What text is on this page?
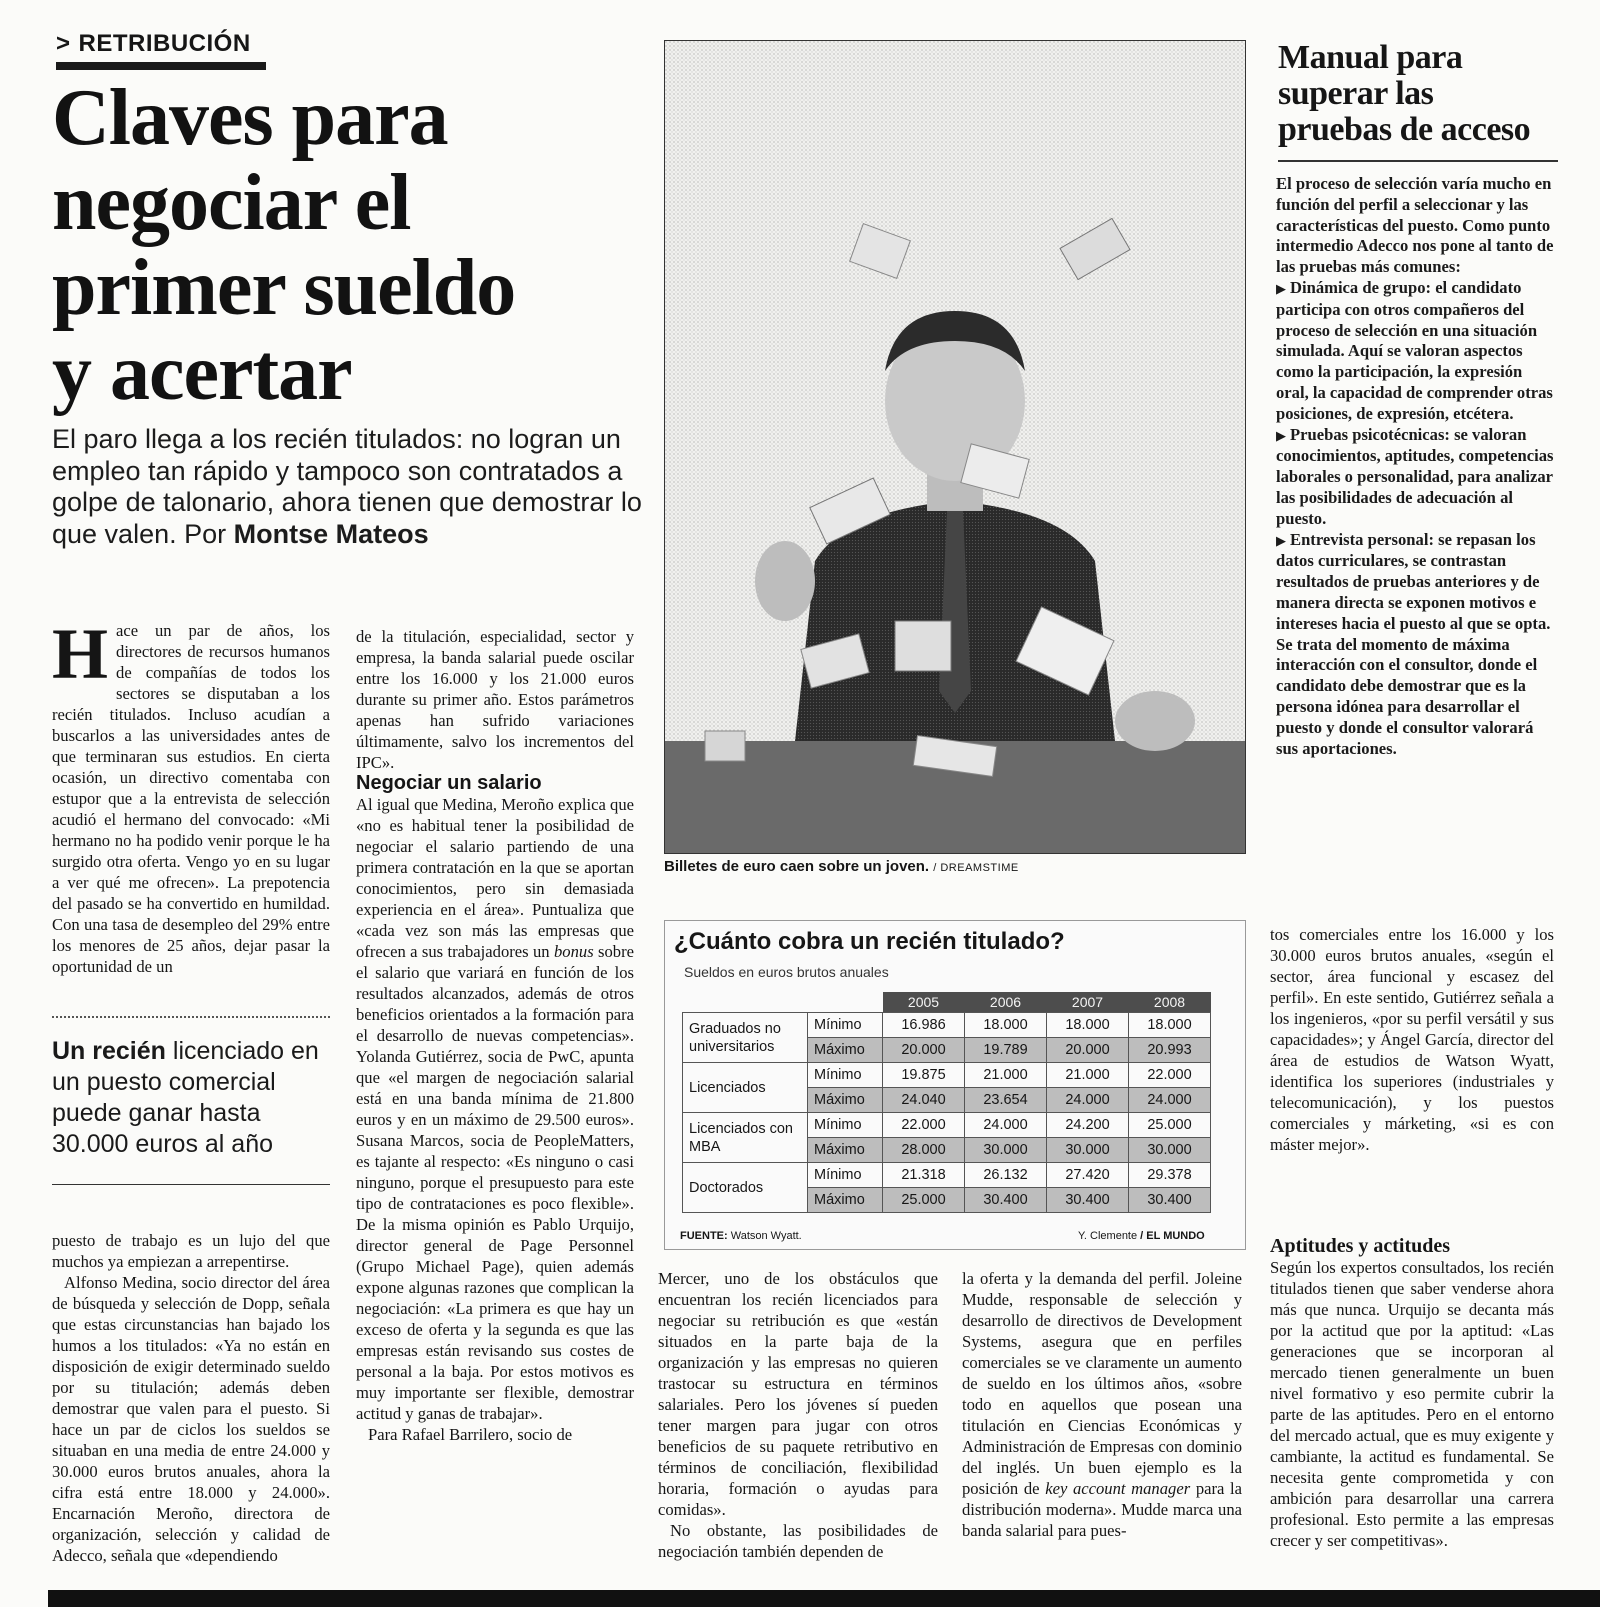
> RETRIBUCIÓN
Claves para
negociar el
primer sueldo
y acertar
El paro llega a los recién titulados: no logran un empleo tan rápido y tampoco son contratados a golpe de talonario, ahora tienen que demostrar lo que valen. Por Montse Mateos

Hace un par de años, los directores de recursos humanos de compañías de todos los sectores se disputaban a los recién titulados. Incluso acudían a buscarlos a las universidades antes de que terminaran sus estudios. En cierta ocasión, un directivo comentaba con estupor que a la entrevista de selección acudió el hermano del convocado: «Mi hermano no ha podido venir porque le ha surgido otra oferta. Vengo yo en su lugar a ver qué me ofrecen». La prepotencia del pasado se ha convertido en humildad. Con una tasa de desempleo del 29% entre los menores de 25 años, dejar pasar la oportunidad de un

Un recién licenciado en un puesto comercial puede ganar hasta 30.000 euros al año

puesto de trabajo es un lujo del que muchos ya empiezan a arrepentirse.

Alfonso Medina, socio director del área de búsqueda y selección de Dopp, señala que estas circunstancias han bajado los humos a los titulados: «Ya no están en disposición de exigir determinado sueldo por su titulación; además deben demostrar que valen para el puesto. Si hace un par de ciclos los sueldos se situaban en una media de entre 24.000 y 30.000 euros brutos anuales, ahora la cifra está entre 18.000 y 24.000». Encarnación Meroño, directora de organización, selección y calidad de Adecco, señala que «dependiendo

de la titulación, especialidad, sector y empresa, la banda salarial puede oscilar entre los 16.000 y los 21.000 euros durante su primer año. Estos parámetros apenas han sufrido variaciones últimamente, salvo los incrementos del IPC».

Negociar un salario

Al igual que Medina, Meroño explica que «no es habitual tener la posibilidad de negociar el salario partiendo de una primera contratación en la que se aportan conocimientos, pero sin demasiada experiencia en el área». Puntualiza que «cada vez son más las empresas que ofrecen a sus trabajadores un bonus sobre el salario que variará en función de los resultados alcanzados, además de otros beneficios orientados a la formación para el desarrollo de nuevas competencias». Yolanda Gutiérrez, socia de PwC, apunta que «el margen de negociación salarial está en una banda mínima de 21.800 euros y en un máximo de 29.500 euros». Susana Marcos, socia de PeopleMatters, es tajante al respecto: «Es ninguno o casi ninguno, porque el presupuesto para este tipo de contrataciones es poco flexible». De la misma opinión es Pablo Urquijo, director general de Page Personnel (Grupo Michael Page), quien además expone algunas razones que complican la negociación: «La primera es que hay un exceso de oferta y la segunda es que las empresas están revisando sus costes de personal a la baja. Por estos motivos es muy importante ser flexible, demostrar actitud y ganas de trabajar».

Para Rafael Barrilero, socio de

Billetes de euro caen sobre un joven. / DREAMSTIME
¿Cuánto cobra un recién titulado?
Sueldos en euros brutos anuales
		2005	2006	2007	2008
Graduados no universitarios	Mínimo	16.986	18.000	18.000	18.000
	Máximo	20.000	19.789	20.000	20.993
Licenciados	Mínimo	19.875	21.000	21.000	22.000
	Máximo	24.040	23.654	24.000	24.000
Licenciados con MBA	Mínimo	22.000	24.000	24.200	25.000
	Máximo	28.000	30.000	30.000	30.000
Doctorados	Mínimo	21.318	26.132	27.420	29.378
	Máximo	25.000	30.400	30.400	30.400
FUENTE: Watson Wyatt.	Y. Clemente / EL MUNDO

Mercer, uno de los obstáculos que encuentran los recién licenciados para negociar su retribución es que «están situados en la parte baja de la organización y las empresas no quieren trastocar su estructura en términos salariales. Pero los jóvenes sí pueden tener margen para jugar con otros beneficios de su paquete retributivo en términos de conciliación, flexibilidad horaria, formación o ayudas para comidas».

No obstante, las posibilidades de negociación también dependen de

la oferta y la demanda del perfil. Joleine Mudde, responsable de selección y desarrollo de directivos de Development Systems, asegura que en perfiles comerciales se ve claramente un aumento de sueldo en los últimos años, «sobre todo en aquellos que posean una titulación en Ciencias Económicas y Administración de Empresas con dominio del inglés. Un buen ejemplo es la posición de key account manager para la distribución moderna». Mudde marca una banda salarial para pues-

Manual para
superar las
pruebas de acceso

El proceso de selección varía mucho en función del perfil a seleccionar y las características del puesto. Como punto intermedio Adecco nos pone al tanto de las pruebas más comunes:

▶ Dinámica de grupo: el candidato participa con otros compañeros del proceso de selección en una situación simulada. Aquí se valoran aspectos como la participación, la expresión oral, la capacidad de comprender otras posiciones, de expresión, etcétera.

▶ Pruebas psicotécnicas: se valoran conocimientos, aptitudes, competencias laborales o personalidad, para analizar las posibilidades de adecuación al puesto.

▶ Entrevista personal: se repasan los datos curriculares, se contrastan resultados de pruebas anteriores y de manera directa se exponen motivos e intereses hacia el puesto al que se opta. Se trata del momento de máxima interacción con el consultor, donde el candidato debe demostrar que es la persona idónea para desarrollar el puesto y donde el consultor valorará sus aportaciones.

tos comerciales entre los 16.000 y los 30.000 euros brutos anuales, «según el sector, área funcional y escasez del perfil». En este sentido, Gutiérrez señala a los ingenieros, «por su perfil versátil y sus capacidades»; y Ángel García, director del área de estudios de Watson Wyatt, identifica los superiores (industriales y telecomunicación), y los puestos comerciales y márketing, «si es con máster mejor».

Aptitudes y actitudes

Según los expertos consultados, los recién titulados tienen que saber venderse ahora más que nunca. Urquijo se decanta más por la actitud que por la aptitud: «Las generaciones que se incorporan al mercado tienen generalmente un buen nivel formativo y eso permite cubrir la parte de las aptitudes. Pero en el entorno del mercado actual, que es muy exigente y cambiante, la actitud es fundamental. Se necesita gente comprometida y con ambición para desarrollar una carrera profesional. Esto permite a las empresas crecer y ser competitivas».
